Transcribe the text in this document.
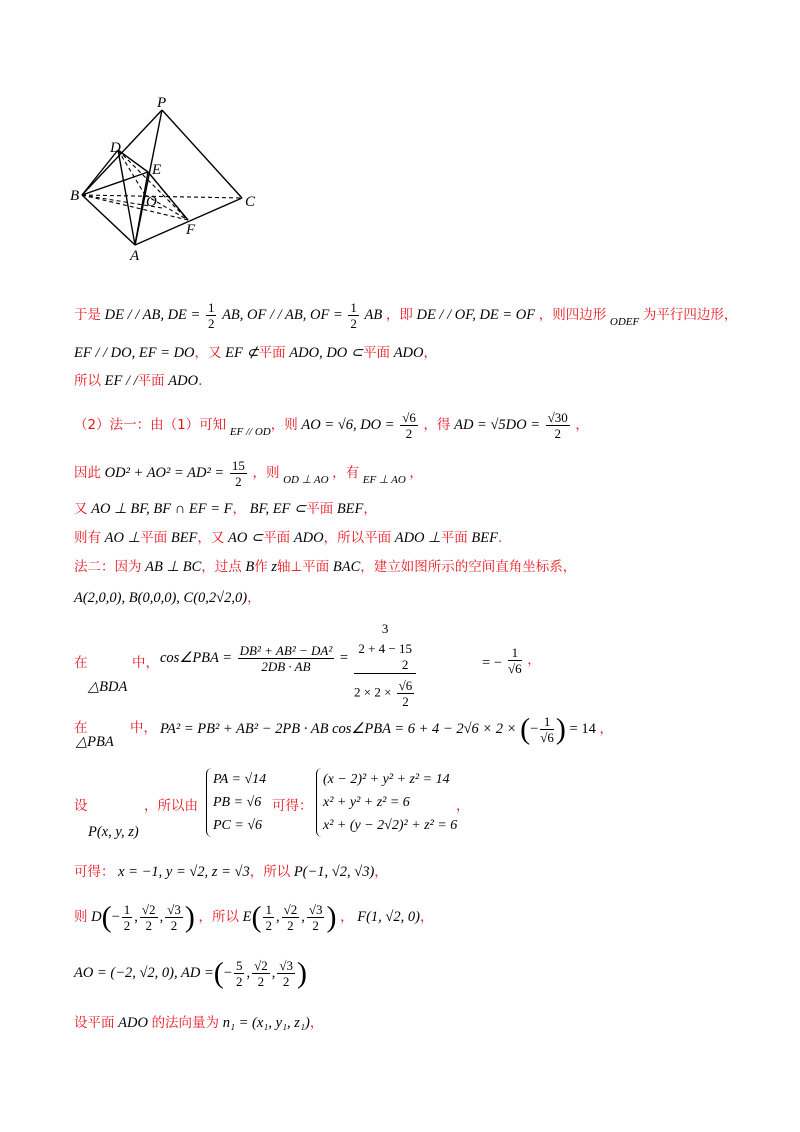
P
D
E
B	O	C
F
A
于是 DE / / AB, DE = $\frac{1}{2}$ AB, OF / / AB, OF = $\frac{1}{2}$ AB ，即 DE / / OF, DE = OF ，则四边形 $_{ODEF}$ 为平行四边形，
EF / / DO, EF = DO，又 EF ⊄平面 ADO, DO ⊂平面 ADO，
所以 EF / /平面 ADO.
（2）法一：由（1）可知 $_{EF // OD}$，则 AO = √6, DO = $\frac{√6}{2}$ ，得 AD = $√5DO = \frac{√30}{2}$ ，
因此 $OD^2 + AO^2 = AD^2 = \frac{15}{2}$ ，则 $_{OD \perp AO}$ ，有 $_{EF \perp AO}$ ，
又 AO ⊥ BF, BF ∩ EF = F， BF, EF ⊂平面 BEF，
则有 AO ⊥平面 BEF，又 AO ⊂平面 ADO，所以平面 ADO ⊥平面 BEF.
法二：因为 AB ⊥ BC，过点 B作 z轴⊥平面 BAC，建立如图所示的空间直角坐标系，
A(2,0,0), B(0,0,0), C(0,2√2,0)，
在
△BDA
中， cos∠PBA = $\frac{\text{DB² + AB² − DA²}}{2DB \cdot AB}$ =
3
2 + 4 − 15
2
$2 \times 2 \times \frac{√6}{2}$
= − $\frac{1}{√6}$ ，
在
△PBA
中， PA² = PB² + AB² − 2PB · AB cos∠PBA = 6 + 4 − 2√6 × 2 × (− $\frac{1}{√6}$ ) = 14 ，
设
P(x, y, z)
，所以由
PA = √14
PB = √6
PC = √6
可得：
(x − 2)² + y² + z² = 14
x² + y² + z² = 6
x² + (y − 2√2)² + z² = 6
，
可得： x = −1, y = √2, z = √3，所以 P(−1, √2, √3)，
则 $D(- \frac{1}{2}$ , $\frac{√2}{2}$ , $\frac{√3}{2}$ ) ，所以 $E( \frac{1}{2}$ , $\frac{√2}{2}$ , $\frac{√3}{2}$ ) ， F(1, √2, 0)，
AO = (−2, √2, 0), AD =(− $\frac{5}{2}$ , $\frac{√2}{2}$ , $\frac{√3}{2}$ )
设平面 ADO 的法向量为 n₁ = (x₁, y₁, z₁)，
